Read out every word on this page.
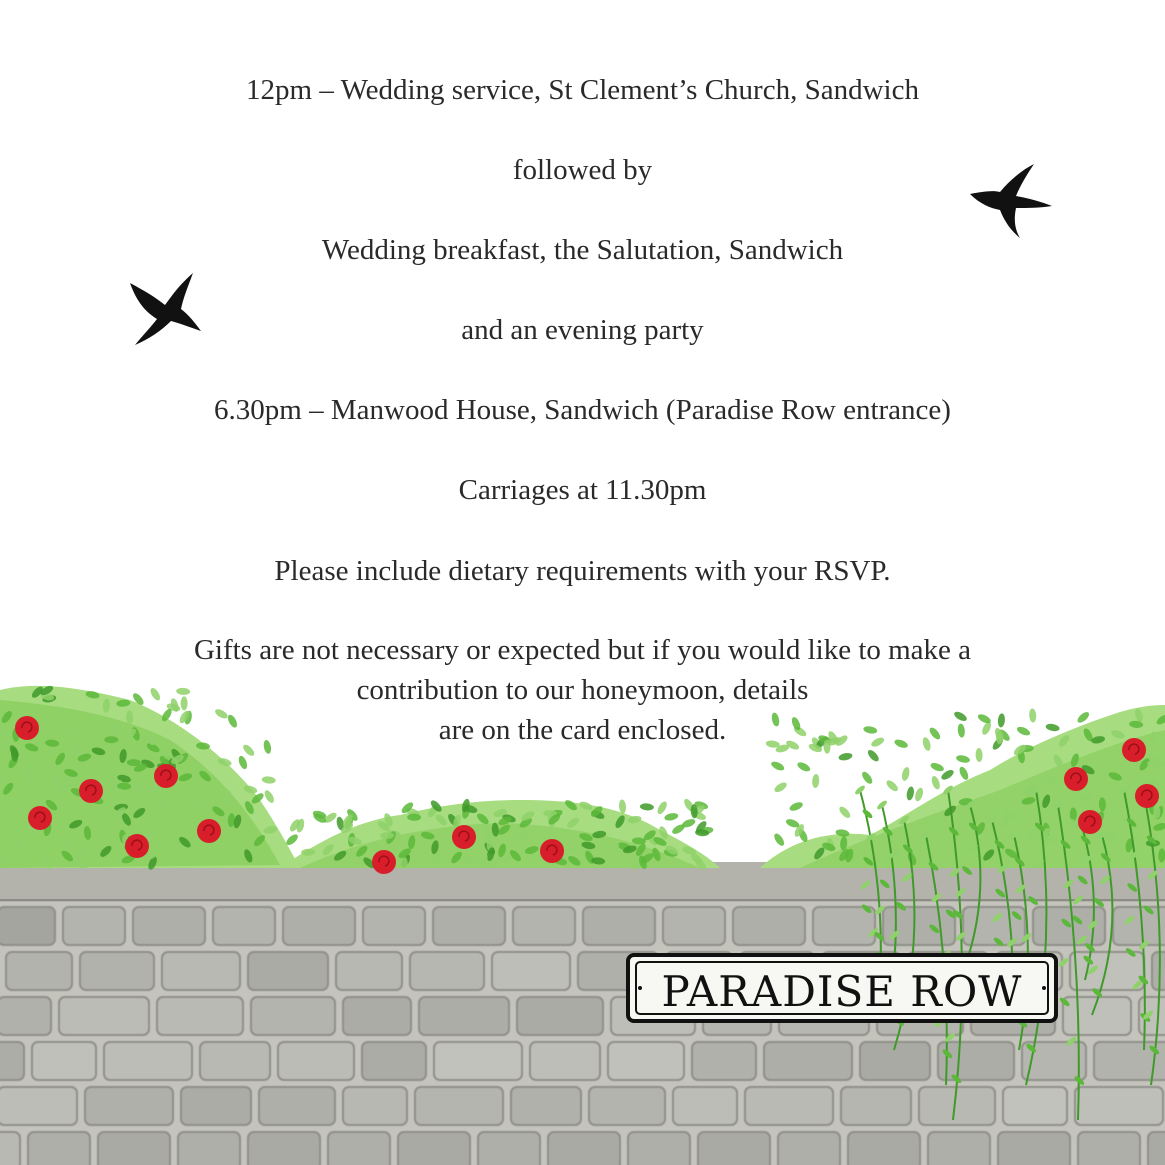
PARADISE ROW
12pm – Wedding service, St Clement’s Church, Sandwich
followed by
Wedding breakfast, the Salutation, Sandwich
and an evening party
6.30pm – Manwood House, Sandwich (Paradise Row entrance)
Carriages at 11.30pm
Please include dietary requirements with your RSVP.
Gifts are not necessary or expected but if you would like to make a
contribution to our honeymoon, details
are on the card enclosed.
